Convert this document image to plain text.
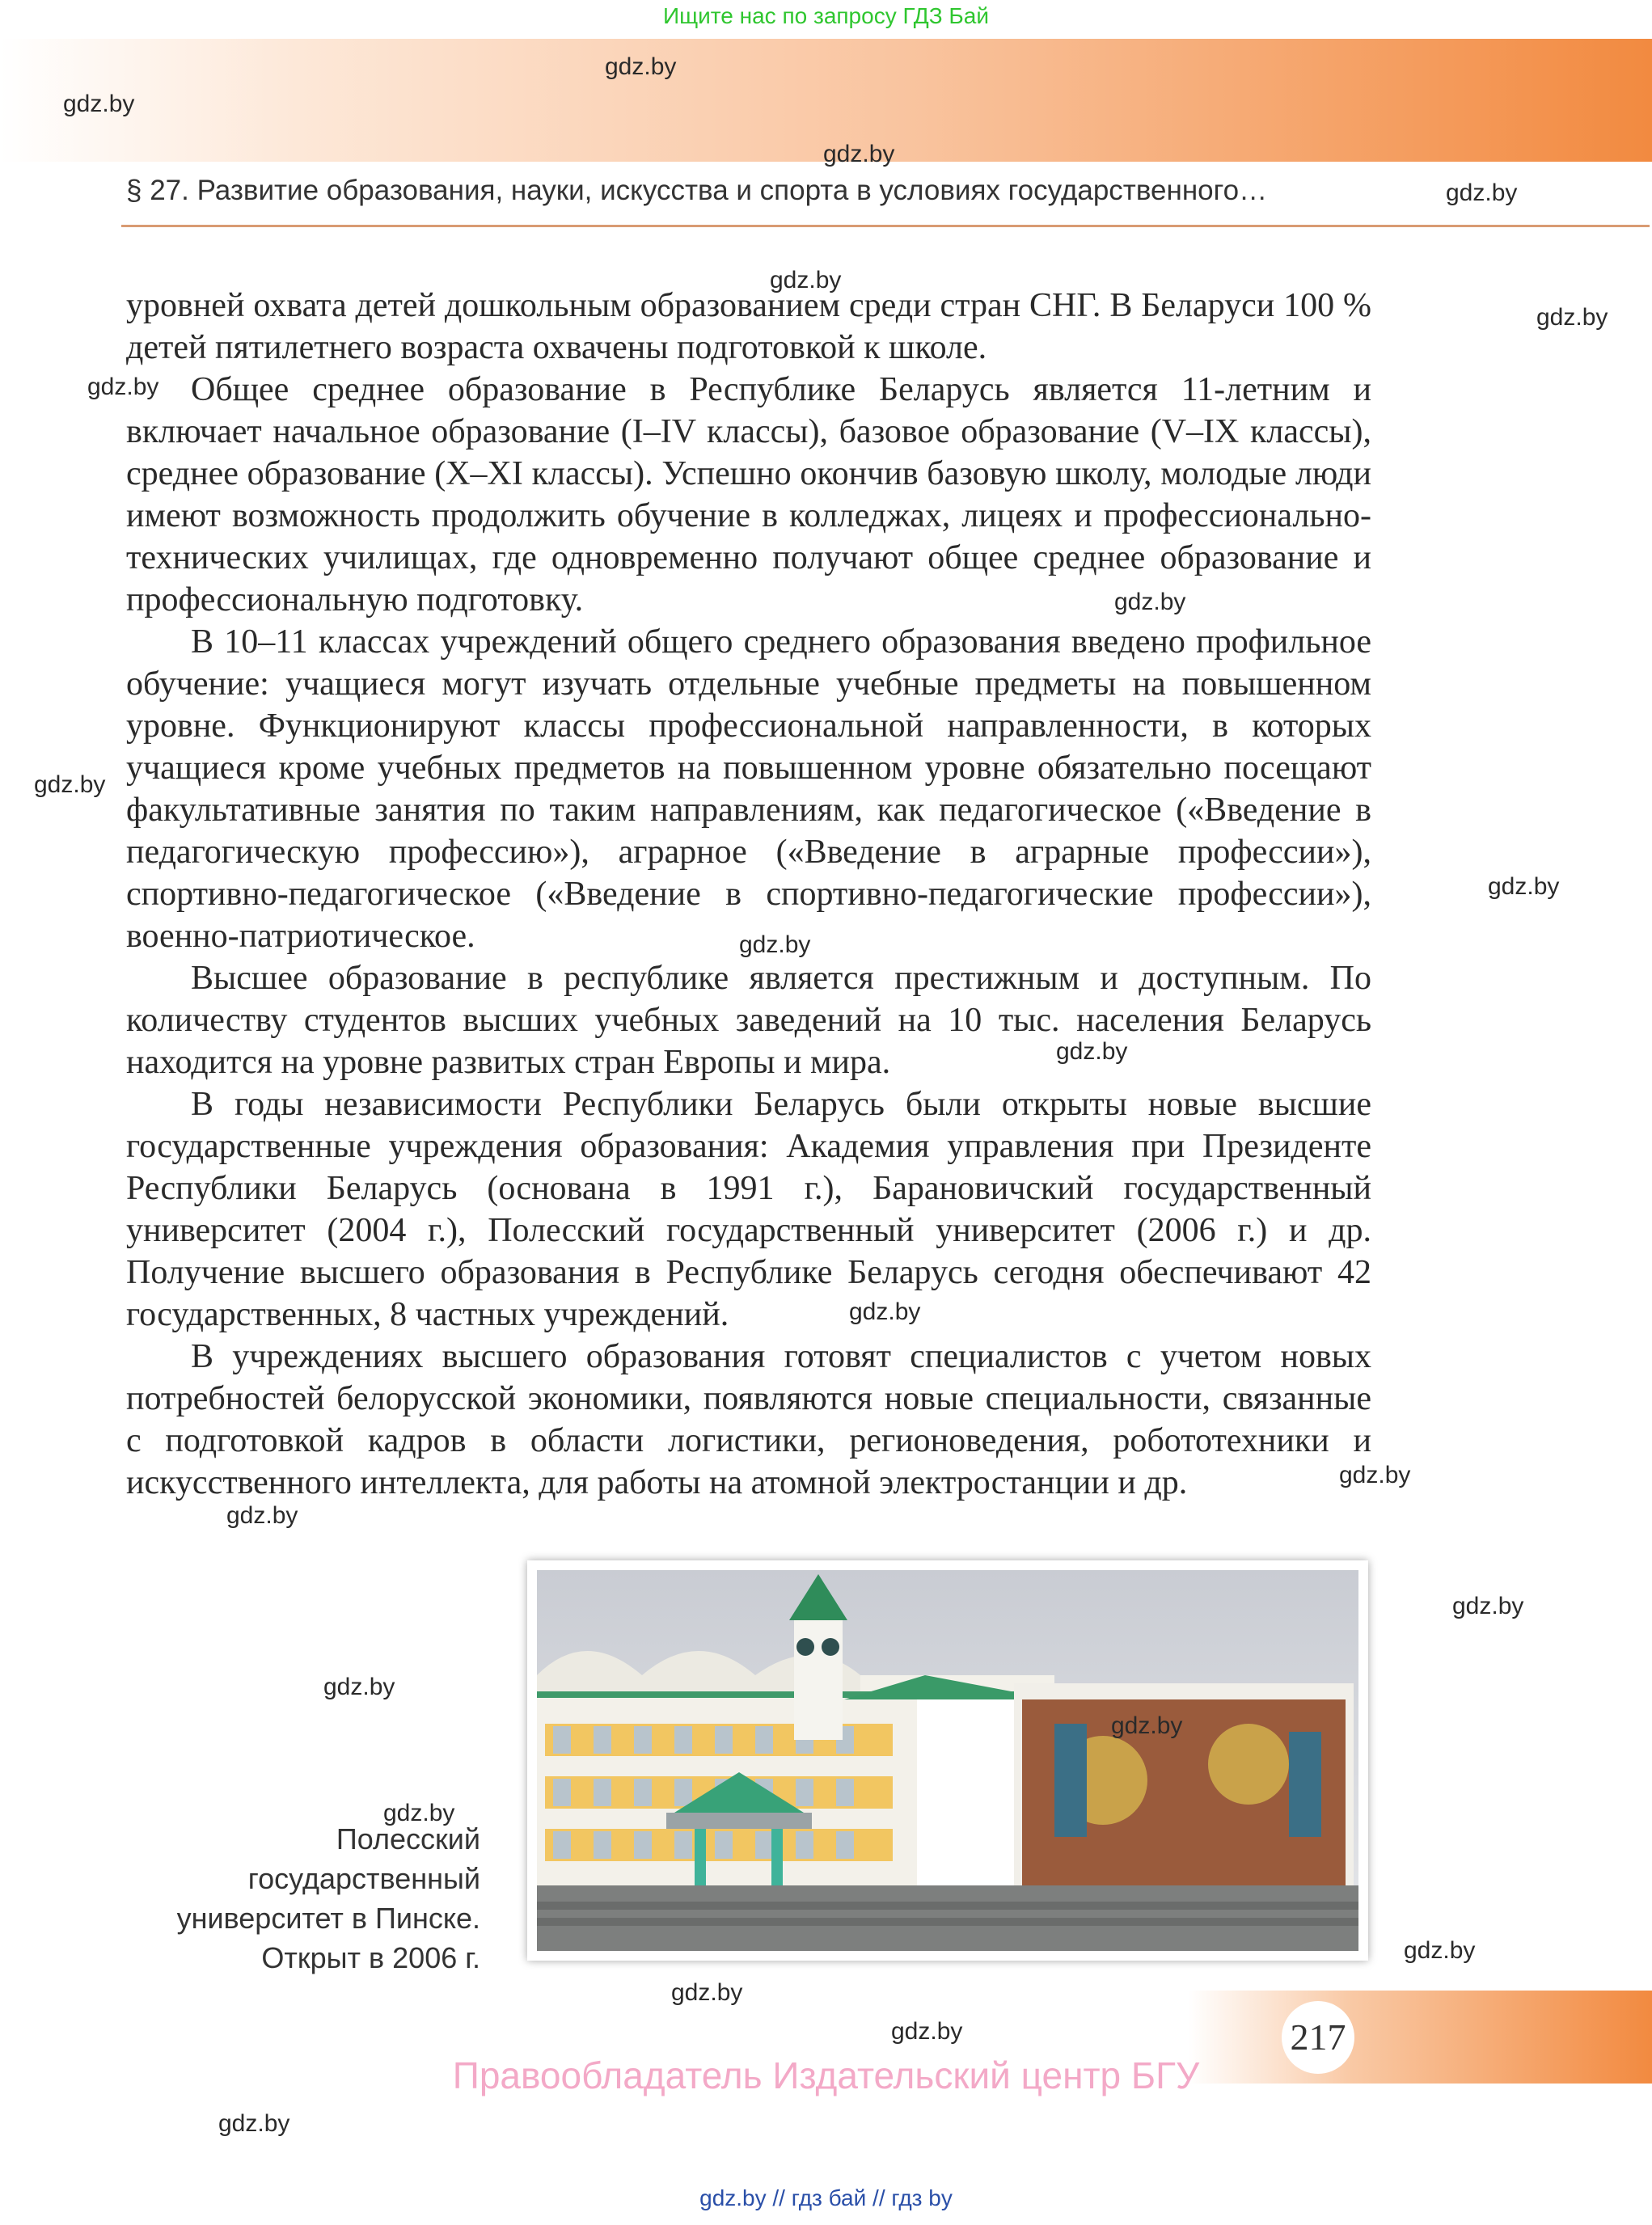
Ищите нас по запросу ГДЗ Бай
§ 27. Развитие образования, науки, искусства и спорта в условиях государственного…

уровней охвата детей дошкольным образованием среди стран СНГ. В Беларуси 100 % детей пятилетнего возраста охвачены подготовкой к школе.

Общее среднее образование в Республике Беларусь является 11-летним и включает начальное образование (I–IV классы), базовое образование (V–IX классы), среднее образование (X–XI классы). Успешно окончив базовую школу, молодые люди имеют возможность продолжить обучение в колледжах, лицеях и профессионально-технических училищах, где одновременно получают общее среднее образование и профессиональную подготовку.

В 10–11 классах учреждений общего среднего образования введено профильное обучение: учащиеся могут изучать отдельные учебные предметы на повышенном уровне. Функционируют классы профессиональной направленности, в которых учащиеся кроме учебных предметов на повышенном уровне обязательно посещают факультативные занятия по таким направлениям, как педагогическое («Введение в педагогическую профессию»), аграрное («Введение в аграрные профессии»), спортивно-педагогическое («Введение в спортивно-педагогические профессии»), военно-патриотическое.

Высшее образование в республике является престижным и доступным. По количеству студентов высших учебных заведений на 10 тыс. населения Беларусь находится на уровне развитых стран Европы и мира.

В годы независимости Республики Беларусь были открыты новые высшие государственные учреждения образования: Академия управления при Президенте Республики Беларусь (основана в 1991 г.), Барановичский государственный университет (2004 г.), Полесский государственный университет (2006 г.) и др. Получение высшего образования в Республике Беларусь сегодня обеспечивают 42 государственных, 8 частных учреждений.

В учреждениях высшего образования готовят специалистов с учетом новых потребностей белорусской экономики, появляются новые специальности, связанные с подготовкой кадров в области логистики, регионоведения, робототехники и искусственного интеллекта, для работы на атомной электростанции и др.

Полесский
государственный
университет в Пинске.
Открыт в 2006 г.
217
Правообладатель Издательский центр БГУ
gdz.by // гдз бай // гдз by
gdz.by
gdz.by
gdz.by
gdz.by
gdz.by
gdz.by
gdz.by
gdz.by
gdz.by
gdz.by
gdz.by
gdz.by
gdz.by
gdz.by
gdz.by
gdz.by
gdz.by
gdz.by
gdz.by
gdz.by
gdz.by
gdz.by
gdz.by
